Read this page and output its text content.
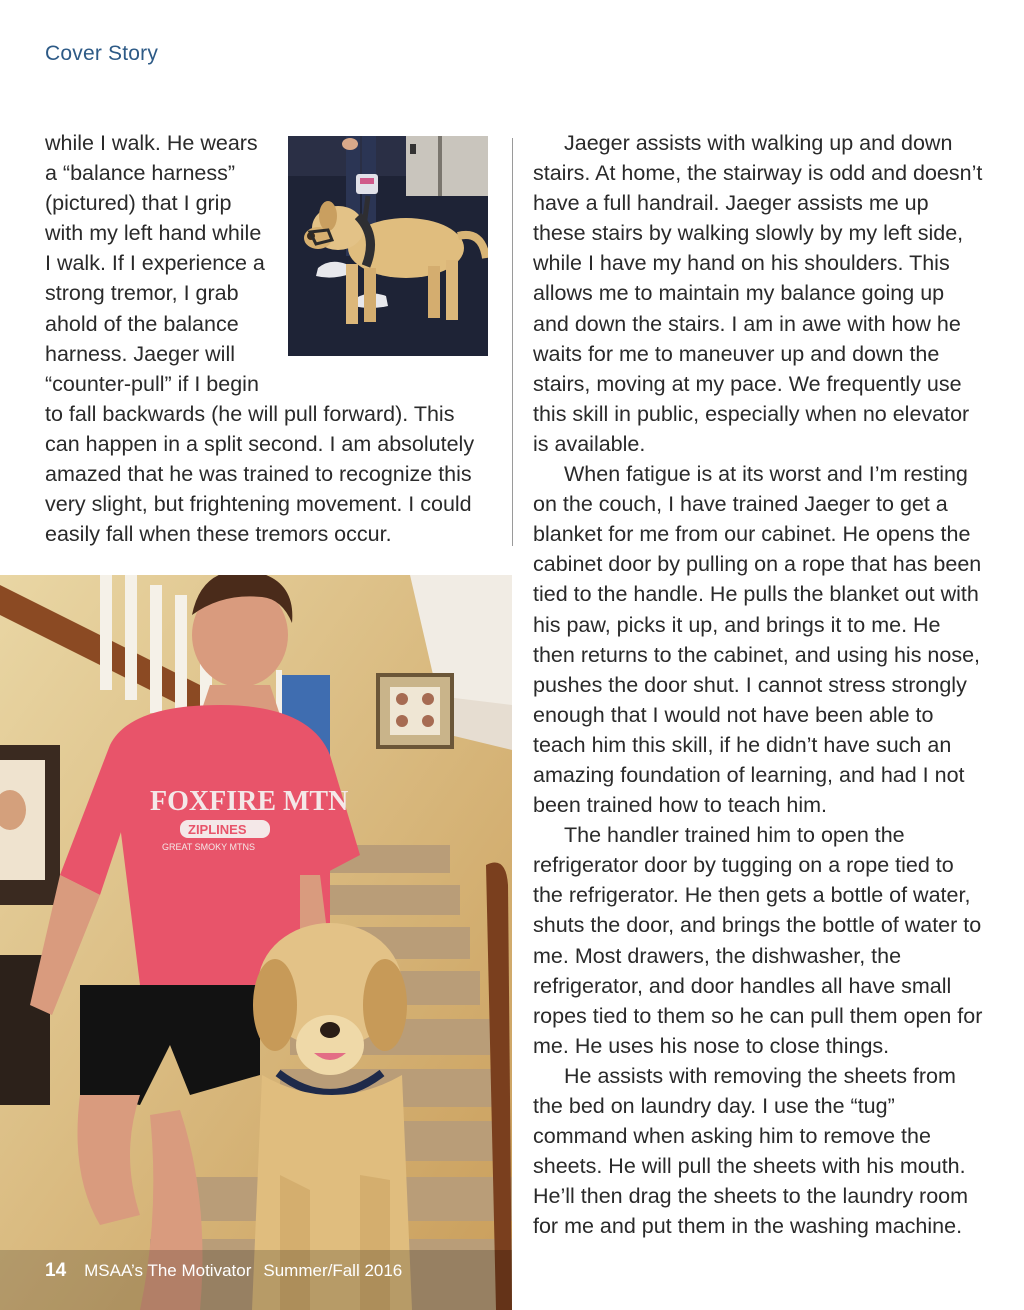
Cover Story
while I walk. He wears
a “balance harness”
(pictured) that I grip
with my left hand while
I walk. If I experience a
strong tremor, I grab
ahold of the balance
harness. Jaeger will
“counter-pull” if I begin
to fall backwards (he will pull forward). This
can happen in a split second. I am absolutely
amazed that he was trained to recognize this
very slight, but frightening movement. I could
easily fall when these tremors occur.
FOXFIRE MTN
ZIPLINES
GREAT SMOKY MTNS

Jaeger assists with walking up and down stairs. At home, the stairway is odd and doesn’t have a full handrail. Jaeger assists me up these stairs by walking slowly by my left side, while I have my hand on his shoulders. This allows me to maintain my balance going up and down the stairs. I am in awe with how he waits for me to maneuver up and down the stairs, moving at my pace. We frequently use this skill in public, especially when no elevator is available.

When fatigue is at its worst and I’m resting on the couch, I have trained Jaeger to get a blanket for me from our cabinet. He opens the cabinet door by pulling on a rope that has been tied to the handle. He pulls the blanket out with his paw, picks it up, and brings it to me. He then returns to the cabinet, and using his nose, pushes the door shut. I cannot stress strongly enough that I would not have been able to teach him this skill, if he didn’t have such an amazing foundation of learning, and had I not been trained how to teach him.

The handler trained him to open the refrigerator door by tugging on a rope tied to the refrigerator. He then gets a bottle of water, shuts the door, and brings the bottle of water to me. Most drawers, the dishwasher, the refrigerator, and door handles all have small ropes tied to them so he can pull them open for me. He uses his nose to close things.

He assists with removing the sheets from the bed on laundry day. I use the “tug” command when asking him to remove the sheets. He will pull the sheets with his mouth. He’ll then drag the sheets to the laundry room for me and put them in the washing machine.

14 MSAA’s The Motivator Summer/Fall 2016
